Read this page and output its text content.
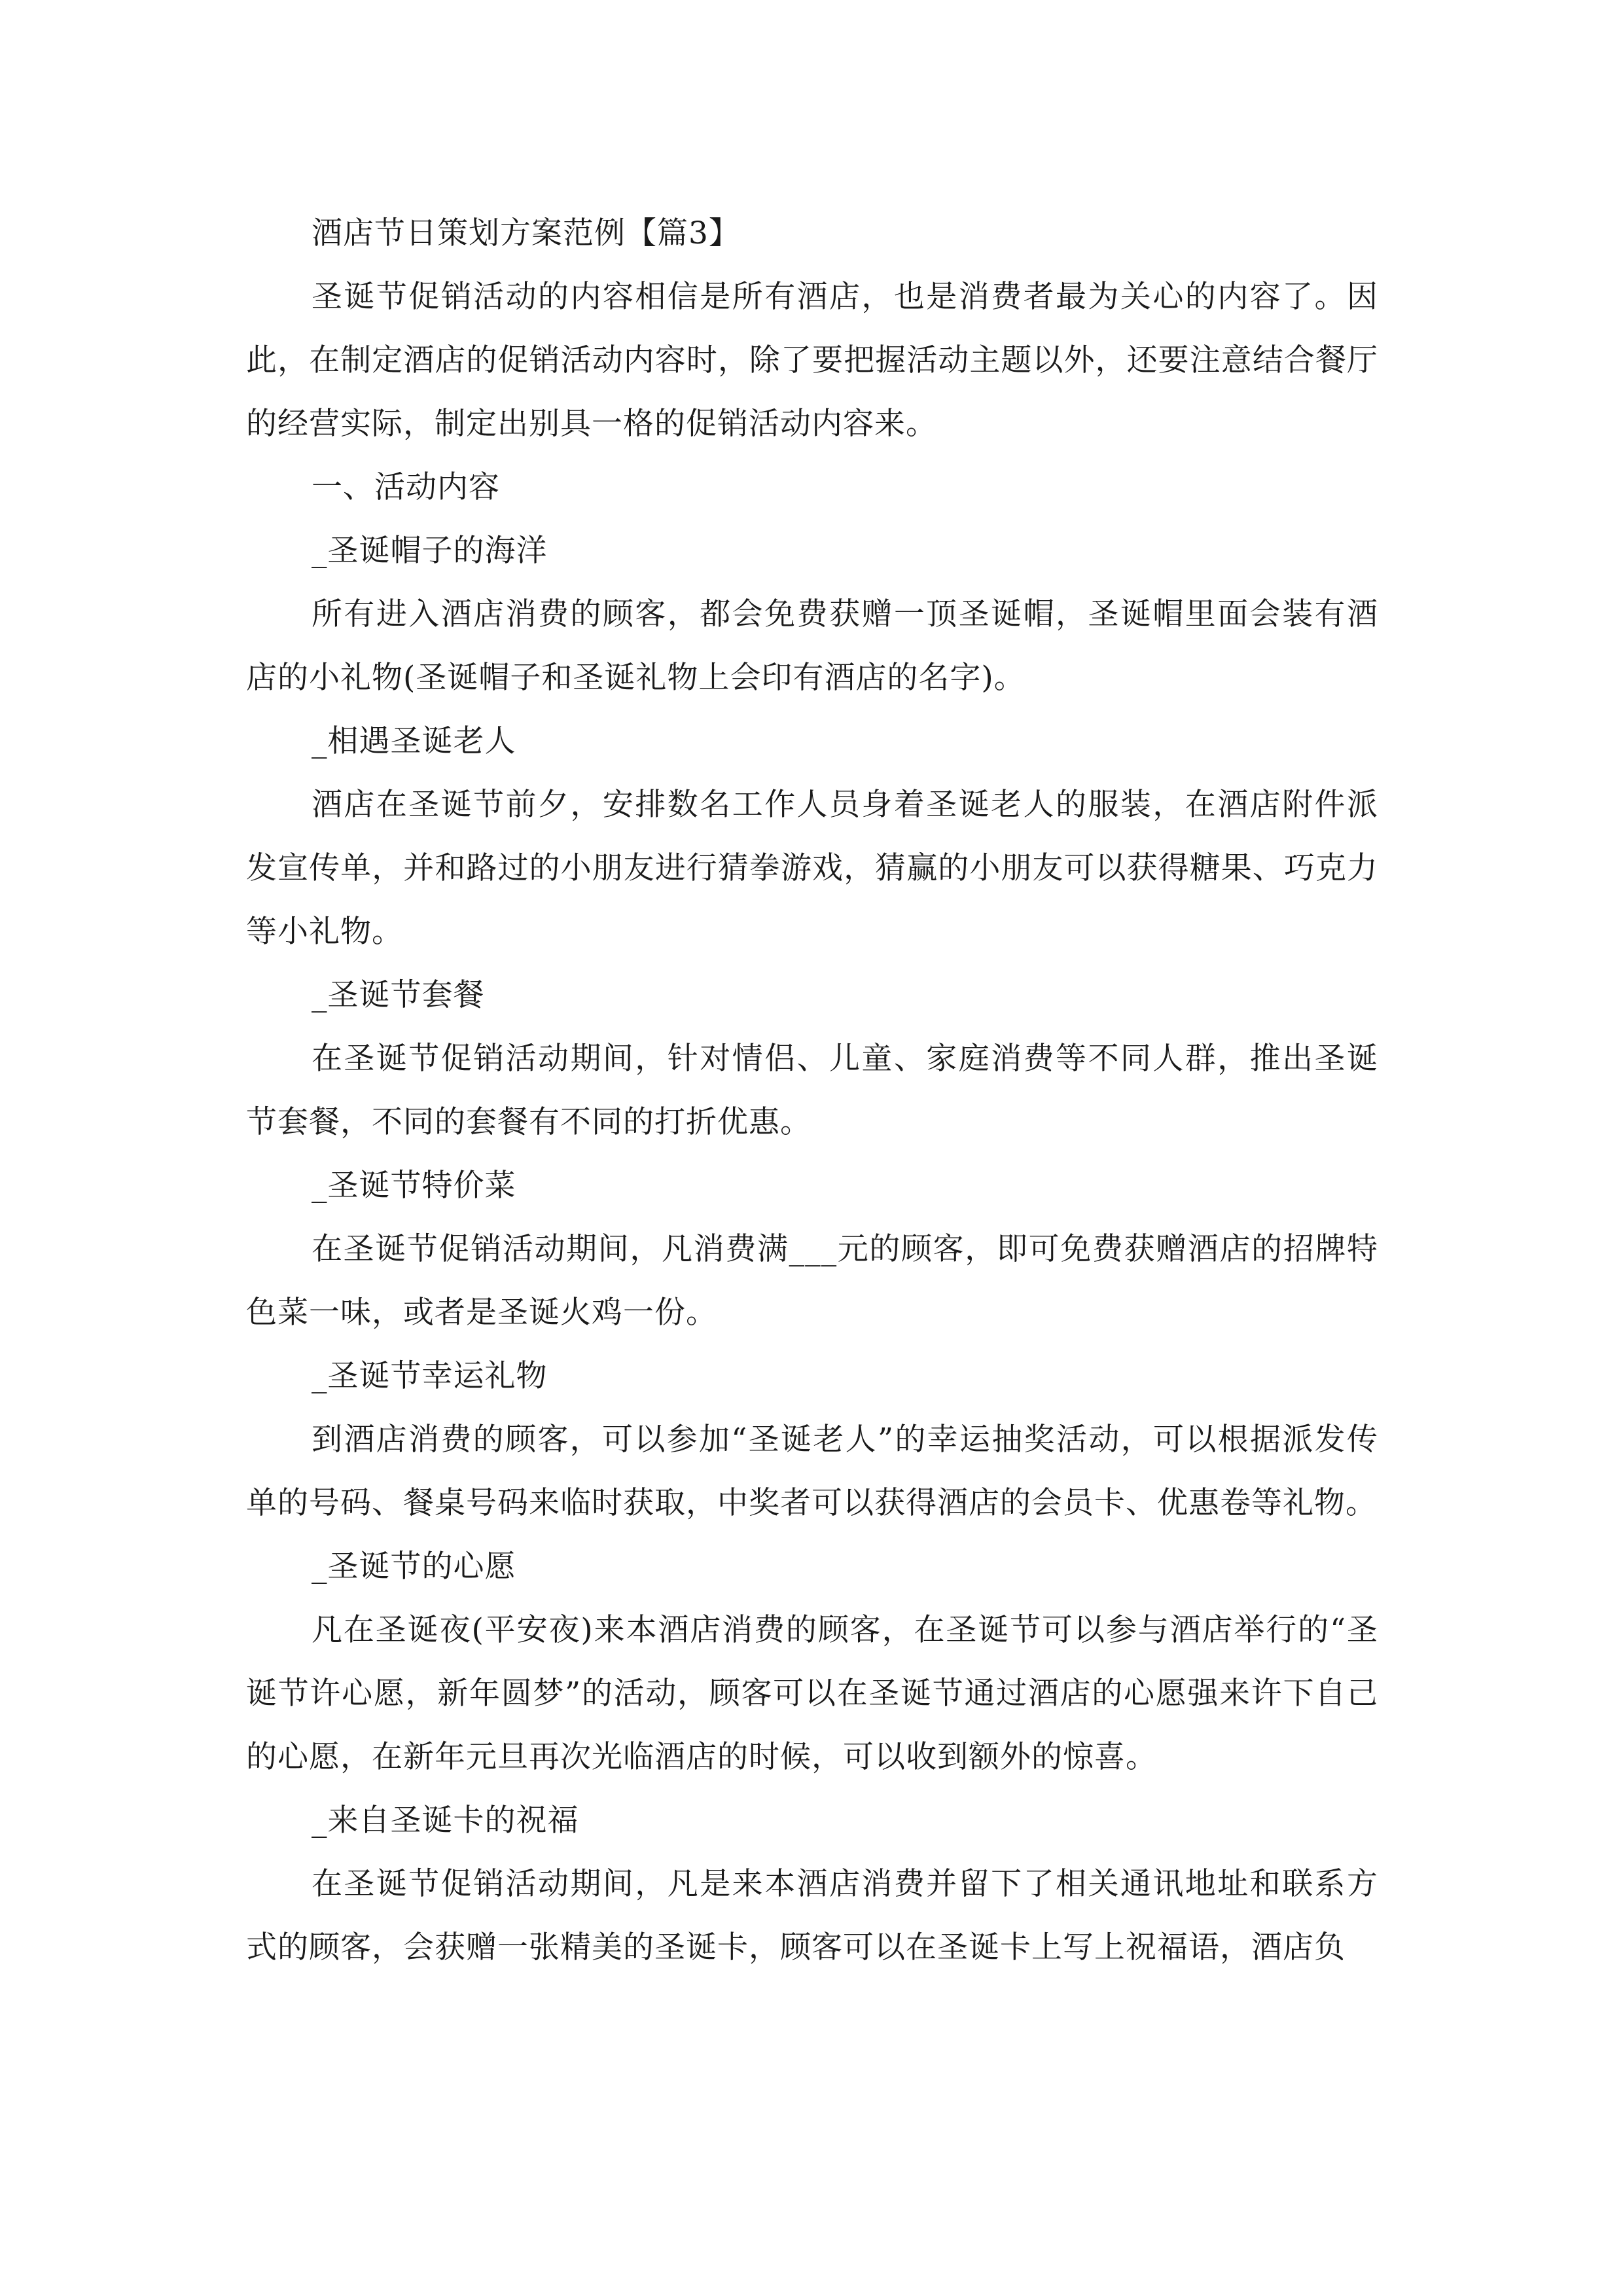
酒店节日策划方案范例【篇3】

圣诞节促销活动的内容相信是所有酒店，也是消费者最为关心的内容了。因此，在制定酒店的促销活动内容时，除了要把握活动主题以外，还要注意结合餐厅的经营实际，制定出别具一格的促销活动内容来。

一、活动内容

_圣诞帽子的海洋

所有进入酒店消费的顾客，都会免费获赠一顶圣诞帽，圣诞帽里面会装有酒店的小礼物(圣诞帽子和圣诞礼物上会印有酒店的名字)。

_相遇圣诞老人

酒店在圣诞节前夕，安排数名工作人员身着圣诞老人的服装，在酒店附件派发宣传单，并和路过的小朋友进行猜拳游戏，猜赢的小朋友可以获得糖果、巧克力等小礼物。

_圣诞节套餐

在圣诞节促销活动期间，针对情侣、儿童、家庭消费等不同人群，推出圣诞节套餐，不同的套餐有不同的打折优惠。

_圣诞节特价菜

在圣诞节促销活动期间，凡消费满___元的顾客，即可免费获赠酒店的招牌特色菜一味，或者是圣诞火鸡一份。

_圣诞节幸运礼物

到酒店消费的顾客，可以参加“圣诞老人”的幸运抽奖活动，可以根据派发传单的号码、餐桌号码来临时获取，中奖者可以获得酒店的会员卡、优惠卷等礼物。

_圣诞节的心愿

凡在圣诞夜(平安夜)来本酒店消费的顾客，在圣诞节可以参与酒店举行的“圣诞节许心愿，新年圆梦”的活动，顾客可以在圣诞节通过酒店的心愿强来许下自己的心愿，在新年元旦再次光临酒店的时候，可以收到额外的惊喜。

_来自圣诞卡的祝福

在圣诞节促销活动期间，凡是来本酒店消费并留下了相关通讯地址和联系方式的顾客，会获赠一张精美的圣诞卡，顾客可以在圣诞卡上写上祝福语，酒店负
